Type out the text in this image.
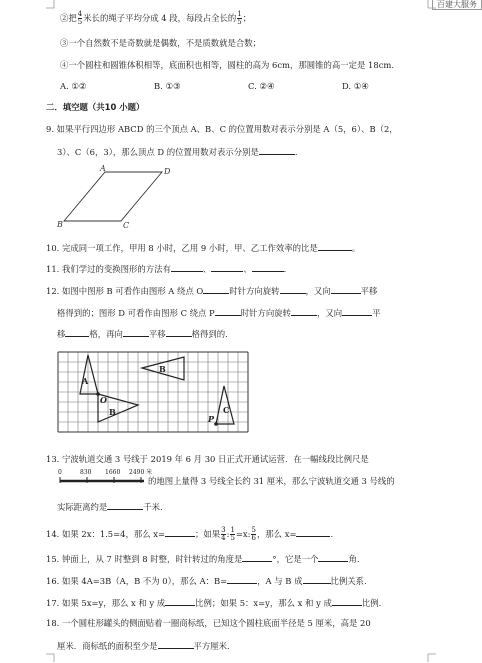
百建大服务
②把 $\frac{4}{5}$ 米长的绳子平均分成 4 段，每段占全长的 $\frac{1}{5}$ ；
③一个自然数不是奇数就是偶数，不是质数就是合数；
④一个圆柱和圆锥体积相等，底面积也相等，圆柱的高为 6cm，那圆锥的高一定是 18cm.
A. ①②	B. ①③	C. ②④	D. ①④
二．填空题（共10 小题）
9. 如果平行四边形 ABCD 的三个顶点 A、B、C 的位置用数对表示分别是 A（5，6）、B（2，
3）、C（6，3），那么顶点 D 的位置用数对表示分别是	.
A	D
B	C
10. 完成同一项工作，甲用 8 小时，乙用 9 小时，甲、乙工作效率的比是	。
11. 我们学过的变换图形的方法有	、	、	.
12. 如图中图形 B 可看作由图形 A 绕点 O	时针方向旋转	，又向	平移
格得到的；图形 D 可看作由图形 C 绕点 P	时针方向旋转	，又向	平
移	格，再向	平移	格得到的.
A
B
B
O
C
P
13. 宁波轨道交通 3 号线于 2019 年 6 月 30 日正式开通试运营．在一幅线段比例尺是
0	830 1660 2490 米
的地图上量得 3 号线全长约 31 厘米，那么宁波轨道交通 3 号线的
实际距离约是	千米.
14. 如果 2x：1.5=4，那么 x=	；如果 $\frac{3}{4}$ : $\frac{1}{5} =x$: $\frac{5}{6}$ ，那么 x=	.
15. 钟面上，从 7 时整到 8 时整，时针转过的角度是	°，它是一个	角.
16. 如果 4A=3B（A，B 不为 0），那么 A：B=	，A 与 B 成	比例关系.
17. 如果 5x=y，那么 x 和 y 成	比例；如果 5：x=y，那么 x 和 y 成	比例.
18. 一个圆柱形罐头的侧面贴着一圈商标纸，已知这个圆柱底面半径是 5 厘米，高是 20
厘米．商标纸的面积至少是	平方厘米.
